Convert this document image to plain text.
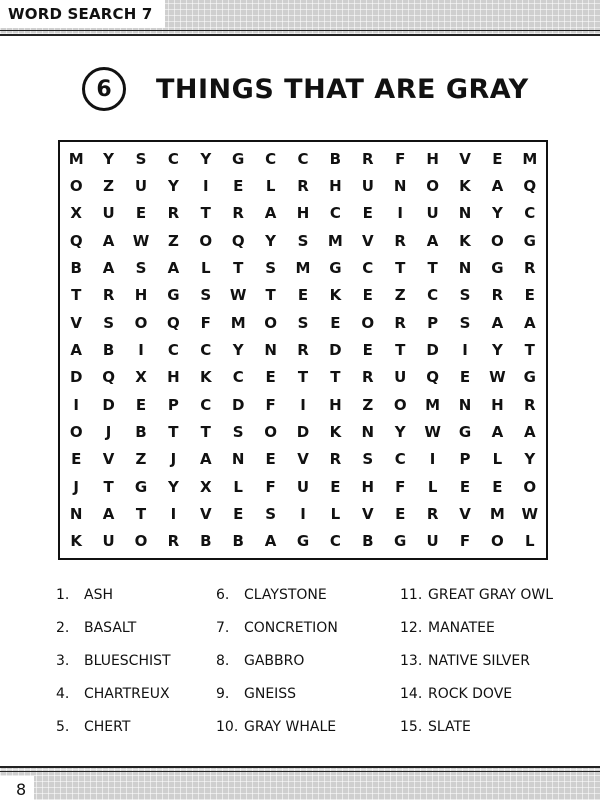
WORD SEARCH 7
6	THINGS THAT ARE GRAY
M	Y	S	C	Y	G	C	C	B	R	F	H	V	E	M
O	Z	U	Y	I	E	L	R	H	U	N	O	K	A	Q
X	U	E	R	T	R	A	H	C	E	I	U	N	Y	C
Q	A	W	Z	O	Q	Y	S	M	V	R	A	K	O	G
B	A	S	A	L	T	S	M	G	C	T	T	N	G	R
T	R	H	G	S	W	T	E	K	E	Z	C	S	R	E
V	S	O	Q	F	M	O	S	E	O	R	P	S	A	A
A	B	I	C	C	Y	N	R	D	E	T	D	I	Y	T
D	Q	X	H	K	C	E	T	T	R	U	Q	E	W	G
I	D	E	P	C	D	F	I	H	Z	O	M	N	H	R
O	J	B	T	T	S	O	D	K	N	Y	W	G	A	A
E	V	Z	J	A	N	E	V	R	S	C	I	P	L	Y
J	T	G	Y	X	L	F	U	E	H	F	L	E	E	O
N	A	T	I	V	E	S	I	L	V	E	R	V	M	W
K	U	O	R	B	B	A	G	C	B	G	U	F	O	L
1.	ASH
2.	BASALT
3.	BLUESCHIST
4.	CHARTREUX
5.	CHERT
6.	CLAYSTONE
7.	CONCRETION
8.	GABBRO
9.	GNEISS
10. GRAY WHALE
11. GREAT GRAY OWL
12. MANATEE
13. NATIVE SILVER
14. ROCK DOVE
15. SLATE
8
